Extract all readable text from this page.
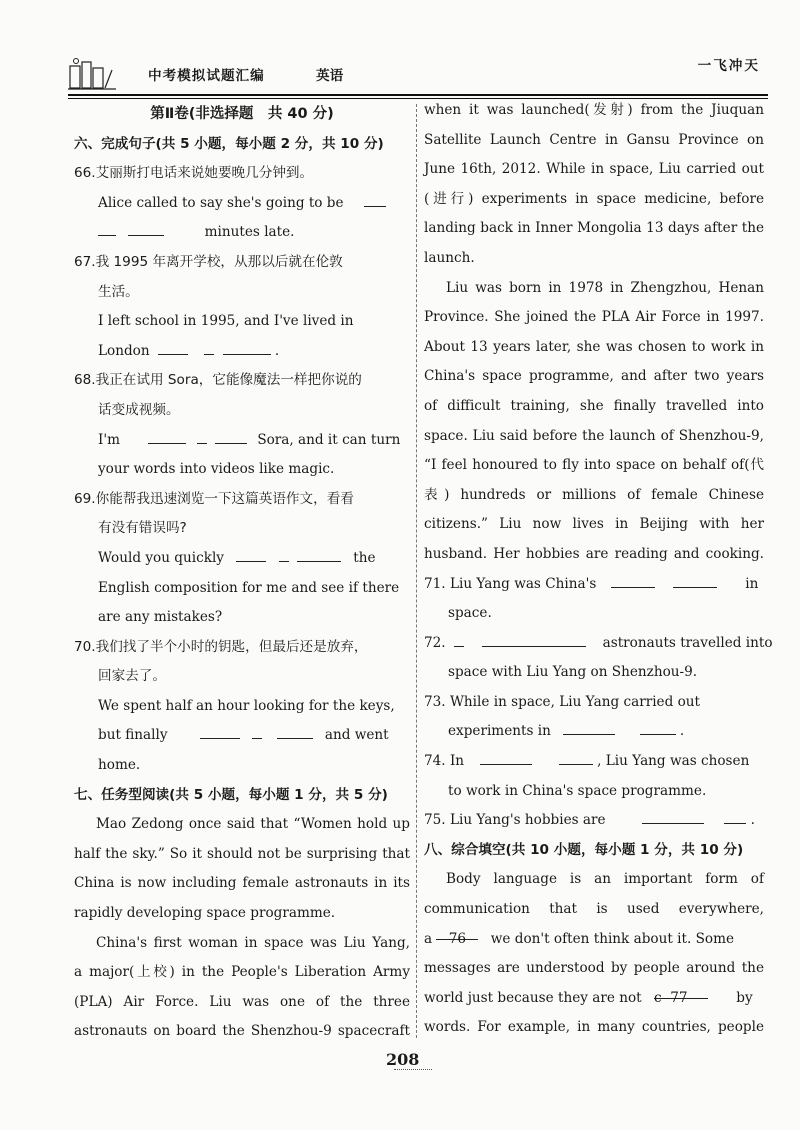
中考模拟试题汇编	英语
一飞冲天
第Ⅱ卷(非选择题　共 40 分)
六、完成句子(共 5 小题，每小题 2 分，共 10 分)
66.艾丽斯打电话来说她要晚几分钟到。
Alice called to say she's going to be
minutes late.
67.我 1995 年离开学校，从那以后就在伦敦
生活。
I left school in 1995, and I've lived in
London	.
68.我正在试用 Sora，它能像魔法一样把你说的
话变成视频。
I'm	Sora, and it can turn
your words into videos like magic.
69.你能帮我迅速浏览一下这篇英语作文，看看
有没有错误吗?
Would you quickly	the
English composition for me and see if there
are any mistakes?
70.我们找了半个小时的钥匙，但最后还是放弃，
回家去了。
We spent half an hour looking for the keys,
but finally	and went
home.
七、任务型阅读(共 5 小题，每小题 1 分，共 5 分)
Mao Zedong once said that “Women hold up
half the sky.” So it should not be surprising that
China is now including female astronauts in its
rapidly developing space programme.
China's first woman in space was Liu Yang,
a major(上校) in the People's Liberation Army
(PLA) Air Force. Liu was one of the three
astronauts on board the Shenzhou-9 spacecraft
when it was launched(发射) from the Jiuquan
Satellite Launch Centre in Gansu Province on
June 16th, 2012. While in space, Liu carried out
(进行) experiments in space medicine, before
landing back in Inner Mongolia 13 days after the
launch.
Liu was born in 1978 in Zhengzhou, Henan
Province. She joined the PLA Air Force in 1997.
About 13 years later, she was chosen to work in
China's space programme, and after two years
of difficult training, she finally travelled into
space. Liu said before the launch of Shenzhou-9,
“I feel honoured to fly into space on behalf of(代
表) hundreds or millions of female Chinese
citizens.” Liu now lives in Beijing with her
husband. Her hobbies are reading and cooking.
71. Liu Yang was China's	in
space.
72.	astronauts travelled into
space with Liu Yang on Shenzhou-9.
73. While in space, Liu Yang carried out
experiments in	.
74. In	, Liu Yang was chosen
to work in China's space programme.
75. Liu Yang's hobbies are	.
八、综合填空(共 10 小题，每小题 1 分，共 10 分)
Body language is an important form of
communication that is used everywhere,
a 76 we don't often think about it. Some
messages are understood by people around the
world just because they are not c 77	by
words. For example, in many countries, people
208
